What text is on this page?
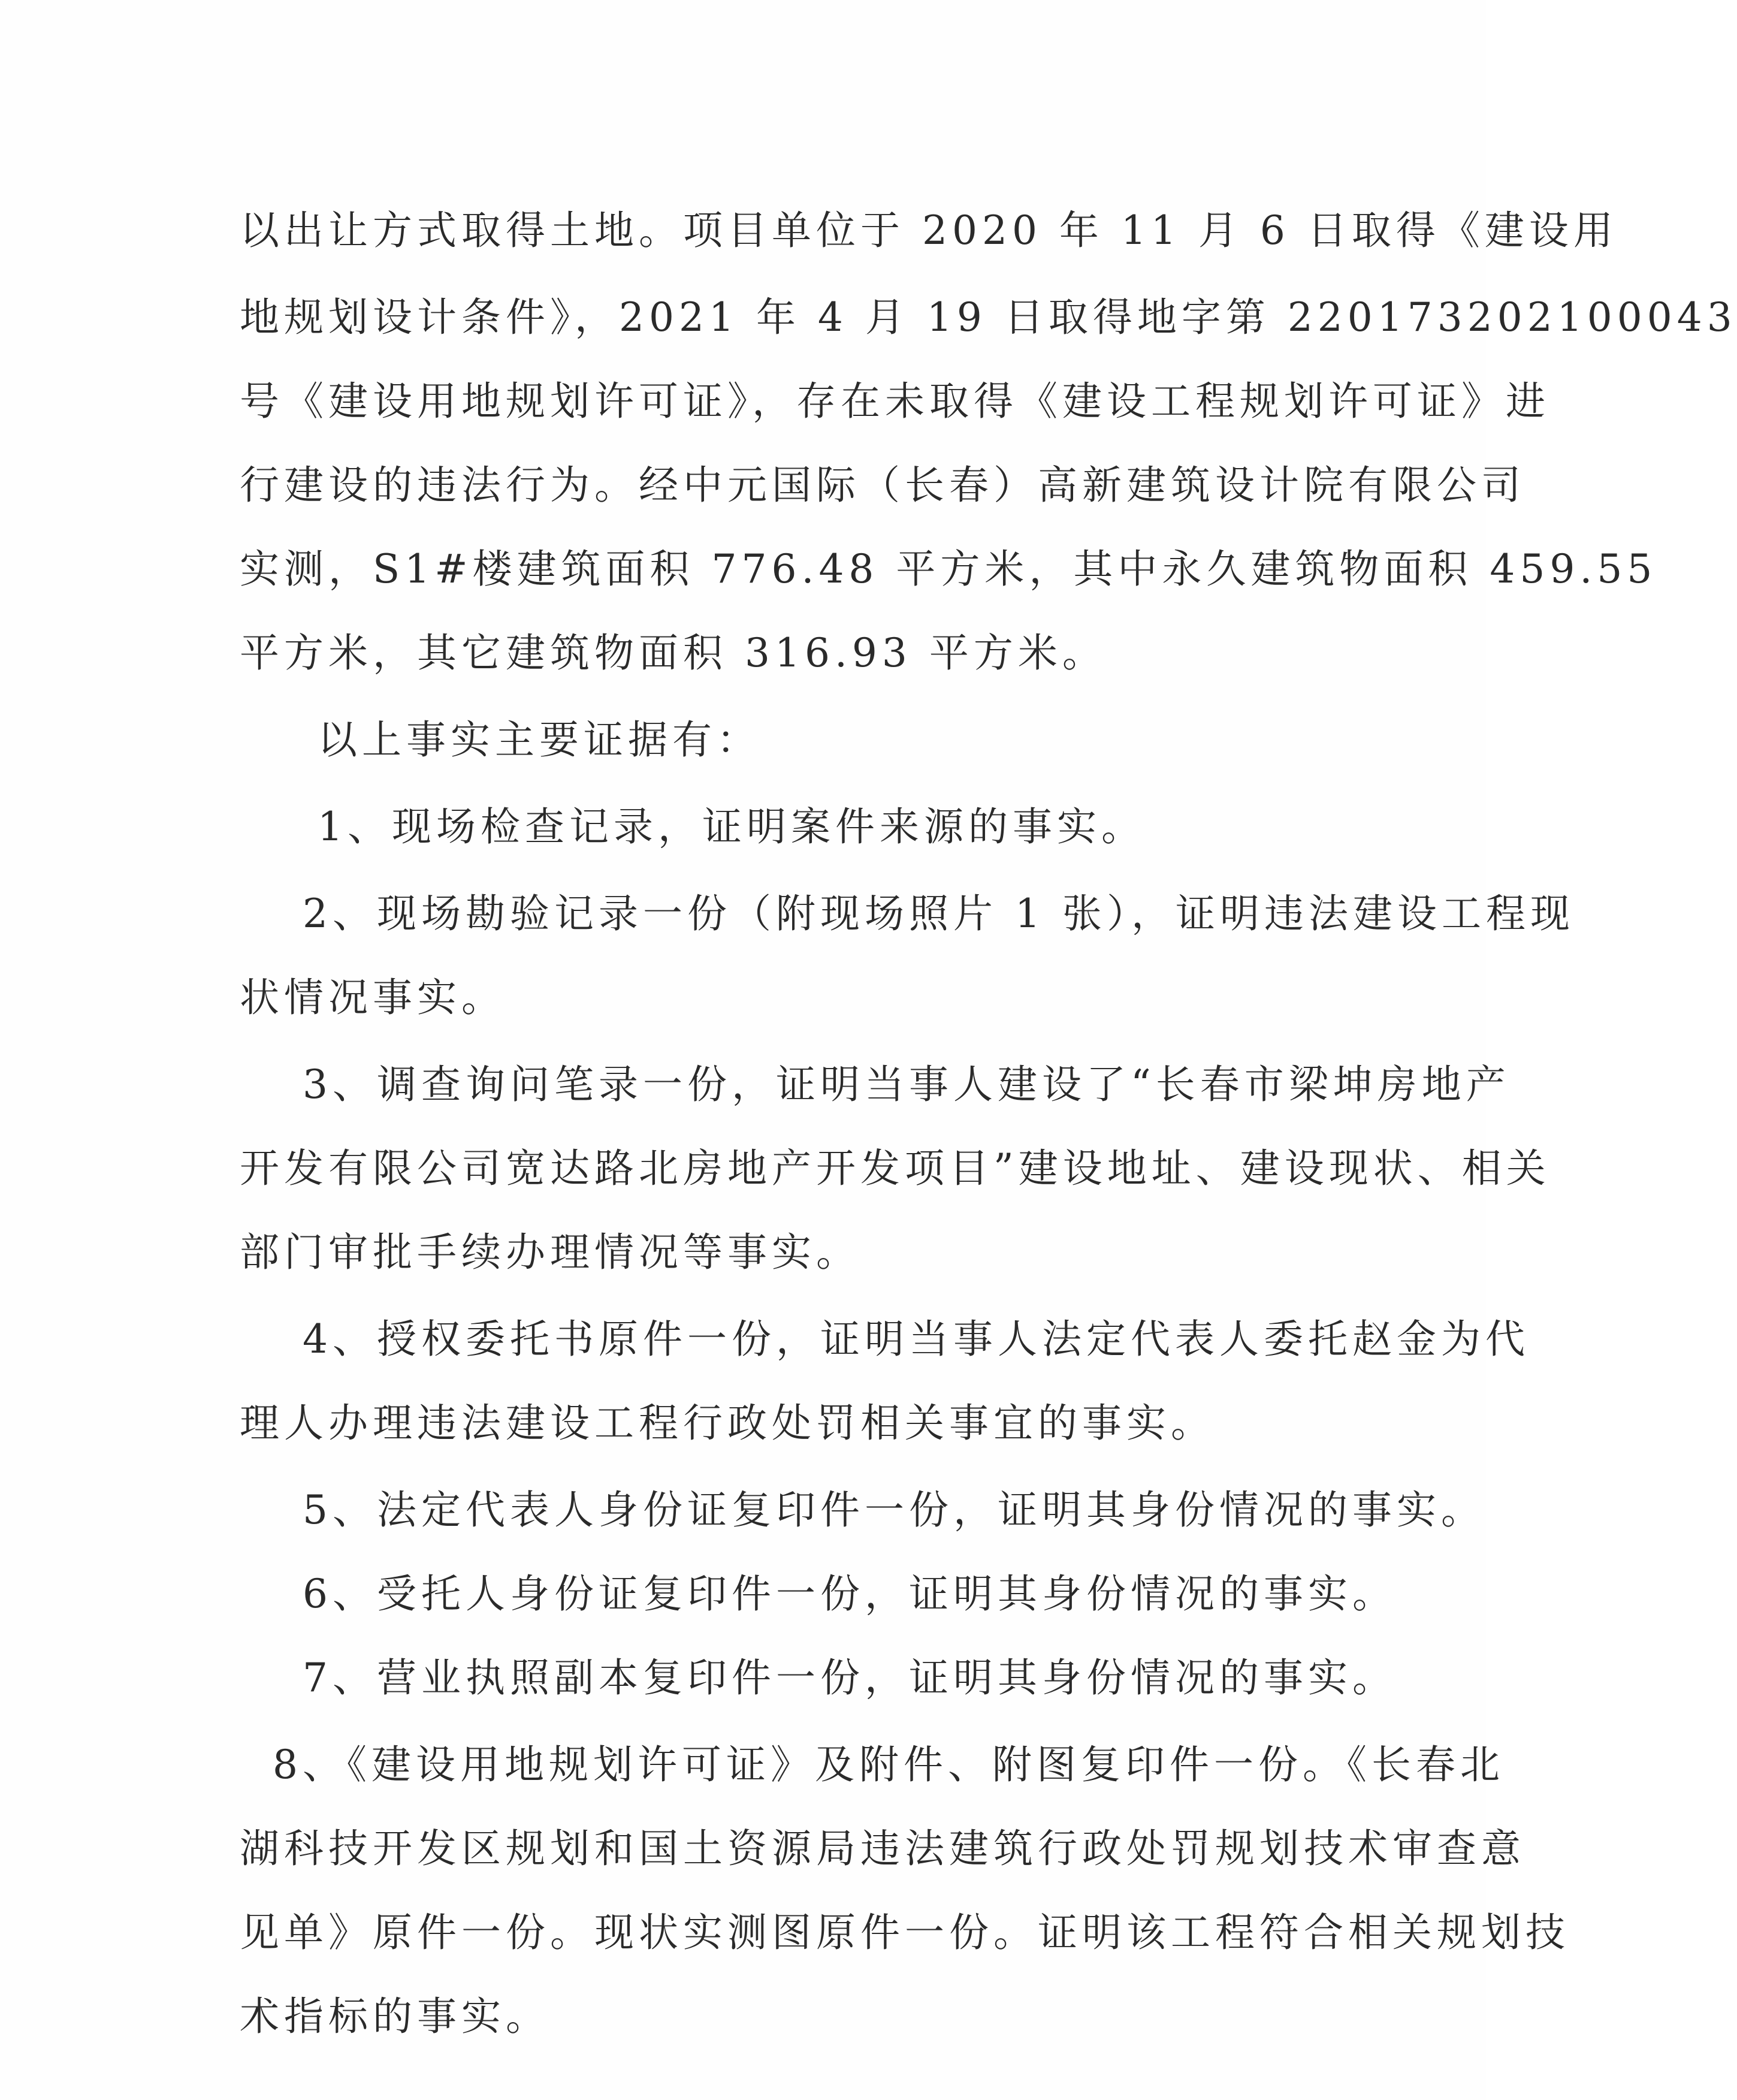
以出让方式取得土地。项目单位于 2020 年 11 月 6 日取得《建设用
地规划设计条件》，2021 年 4 月 19 日取得地字第 220173202100043
号《建设用地规划许可证》，存在未取得《建设工程规划许可证》进
行建设的违法行为。经中元国际（长春）高新建筑设计院有限公司
实测，S1#楼建筑面积 776.48 平方米，其中永久建筑物面积 459.55
平方米，其它建筑物面积 316.93 平方米。
以上事实主要证据有：
1、现场检查记录，证明案件来源的事实。
2、现场勘验记录一份（附现场照片 1 张），证明违法建设工程现
状情况事实。
3、调查询问笔录一份，证明当事人建设了“长春市梁坤房地产
开发有限公司宽达路北房地产开发项目”建设地址、建设现状、相关
部门审批手续办理情况等事实。
4、授权委托书原件一份，证明当事人法定代表人委托赵金为代
理人办理违法建设工程行政处罚相关事宜的事实。
5、法定代表人身份证复印件一份，证明其身份情况的事实。
6、受托人身份证复印件一份，证明其身份情况的事实。
7、营业执照副本复印件一份，证明其身份情况的事实。
8、《建设用地规划许可证》及附件、附图复印件一份。《长春北
湖科技开发区规划和国土资源局违法建筑行政处罚规划技术审查意
见单》原件一份。现状实测图原件一份。证明该工程符合相关规划技
术指标的事实。
